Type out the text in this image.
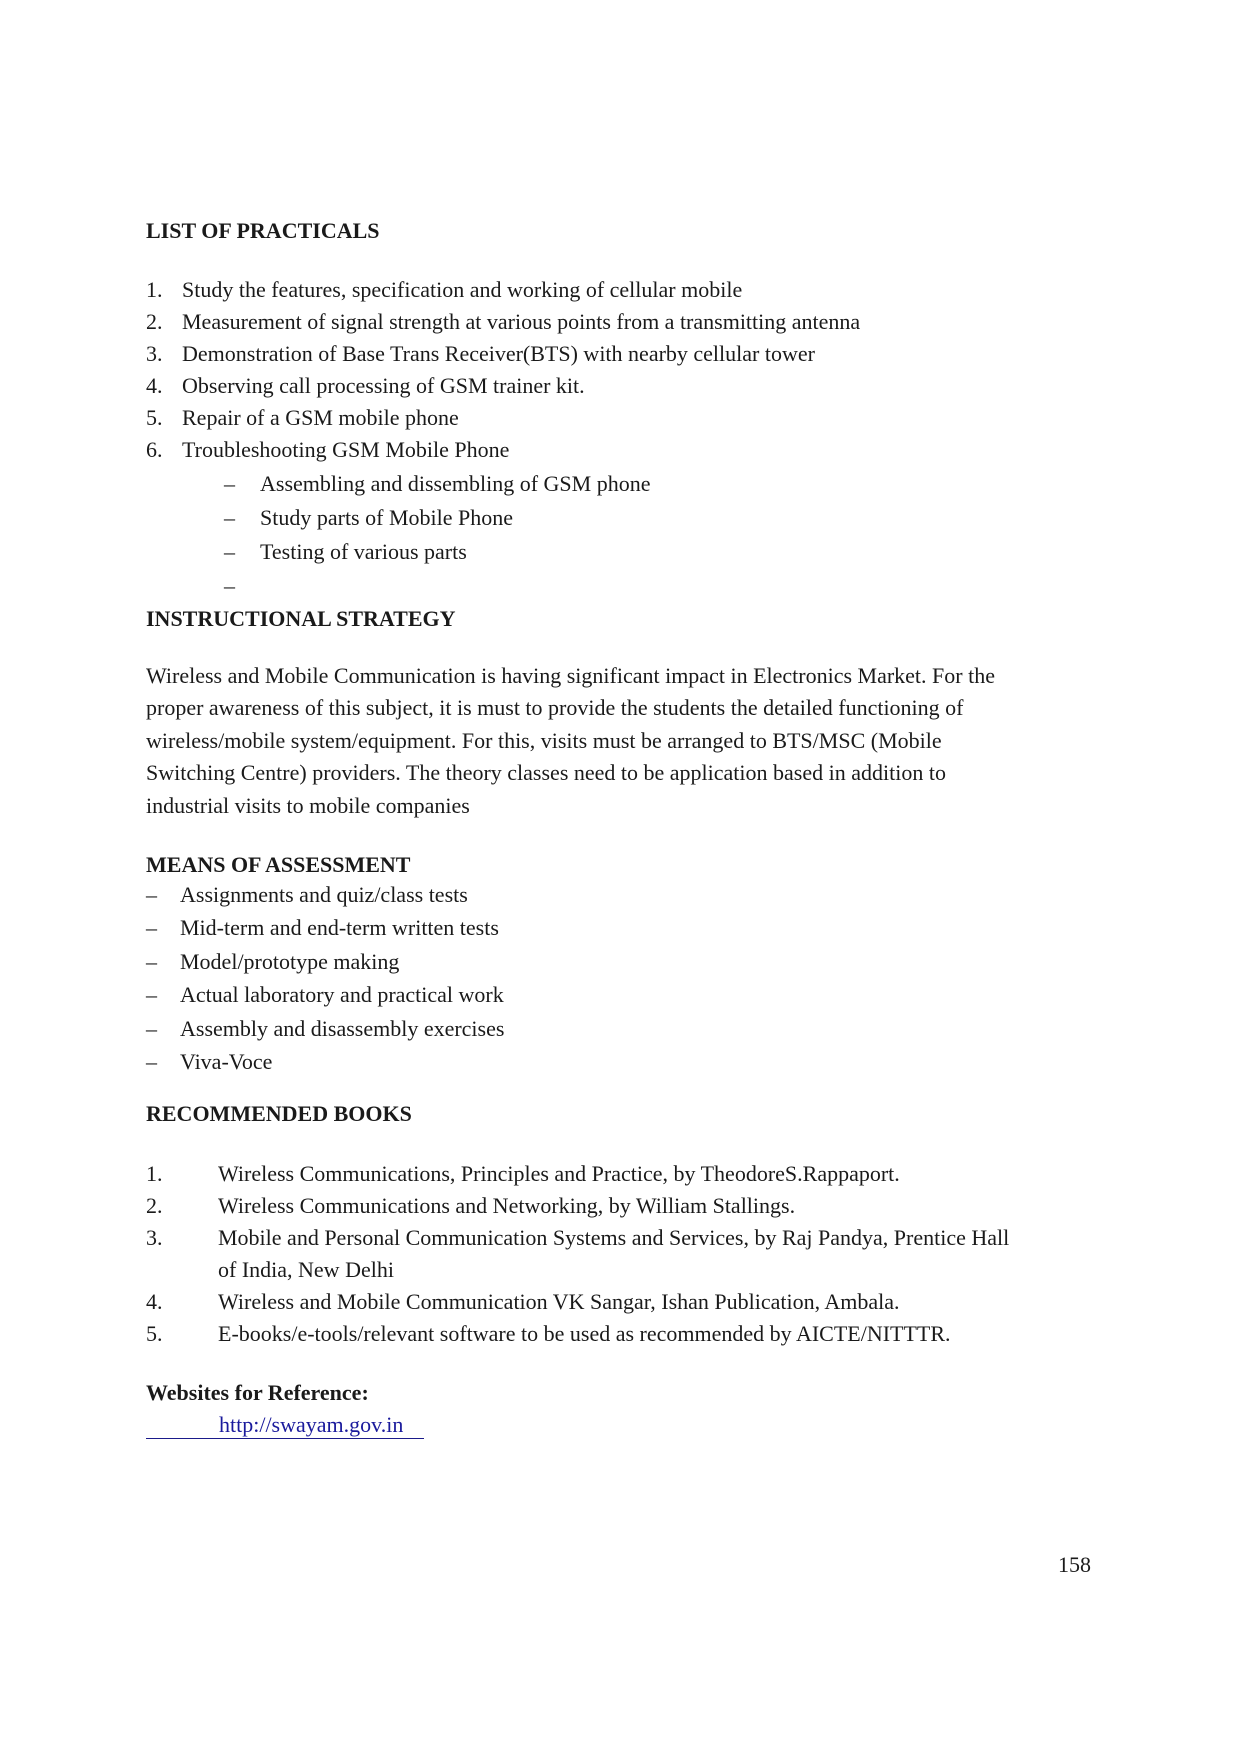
LIST OF PRACTICALS
1. Study the features, specification and working of cellular mobile
2. Measurement of signal strength at various points from a transmitting antenna
3. Demonstration of Base Trans Receiver(BTS) with nearby cellular tower
4. Observing call processing of GSM trainer kit.
5. Repair of a GSM mobile phone
6. Troubleshooting GSM Mobile Phone
– Assembling and dissembling of GSM phone
– Study parts of Mobile Phone
– Testing of various parts
–
INSTRUCTIONAL STRATEGY
Wireless and Mobile Communication is having significant impact in Electronics Market. For the
proper awareness of this subject, it is must to provide the students the detailed functioning of
wireless/mobile system/equipment. For this, visits must be arranged to BTS/MSC (Mobile
Switching Centre) providers. The theory classes need to be application based in addition to
industrial visits to mobile companies
MEANS OF ASSESSMENT
– Assignments and quiz/class tests
– Mid-term and end-term written tests
– Model/prototype making
– Actual laboratory and practical work
– Assembly and disassembly exercises
– Viva-Voce
RECOMMENDED BOOKS
1.	Wireless Communications, Principles and Practice, by TheodoreS.Rappaport.
2.	Wireless Communications and Networking, by William Stallings.
3.	Mobile and Personal Communication Systems and Services, by Raj Pandya, Prentice Hall
of India, New Delhi
4.	Wireless and Mobile Communication VK Sangar, Ishan Publication, Ambala.
5.	E-books/e-tools/relevant software to be used as recommended by AICTE/NITTTR.
Websites for Reference:
http://swayam.gov.in
158
